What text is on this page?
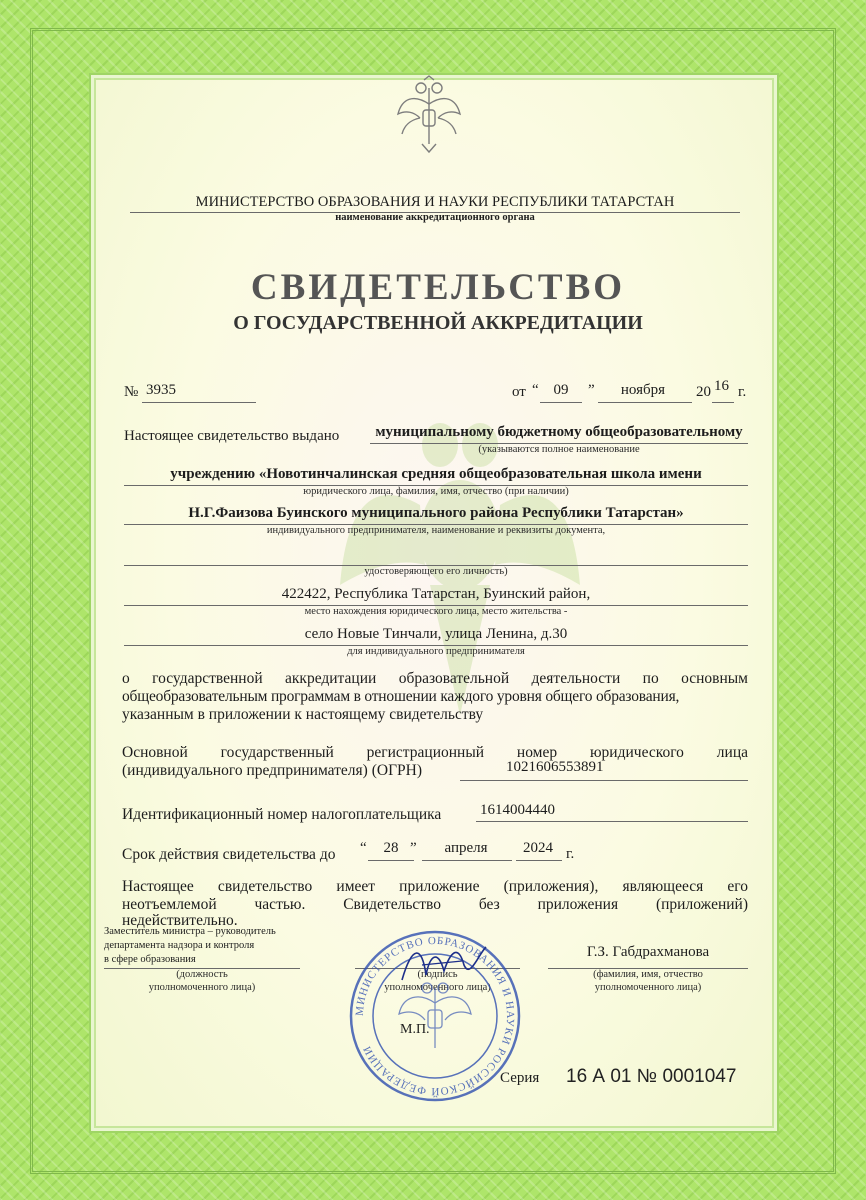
МИНИСТЕРСТВО ОБРАЗОВАНИЯ И НАУКИ РЕСПУБЛИКИ ТАТАРСТАН
наименование аккредитационного органа
СВИДЕТЕЛЬСТВО
О ГОСУДАРСТВЕННОЙ АККРЕДИТАЦИИ
№ 3935	от “ 09	”	ноября	20 16 г.
Настоящее свидетельство выдано	муниципальному бюджетному общеобразовательному
(указываются полное наименование
учреждению «Новотинчалинская средняя общеобразовательная школа имени
юридического лица, фамилия, имя, отчество (при наличии)
Н.Г.Фаизова Буинского муниципального района Республики Татарстан»
индивидуального предпринимателя, наименование и реквизиты документа,
удостоверяющего его личность)
422422, Республика Татарстан, Буинский район,
место нахождения юридического лица, место жительства -
село Новые Тинчали, улица Ленина, д.30
для индивидуального предпринимателя
о государственной аккредитации образовательной деятельности по основным
общеобразовательным программам в отношении каждого уровня общего образования,
указанным в приложении к настоящему свидетельству
Основной государственный регистрационный номер юридического лица
(индивидуального предпринимателя) (ОГРН)	1021606553891
Идентификационный номер налогоплательщика	1614004440
Срок действия свидетельства до “	28 ”	апреля	2024 г.
Настоящее свидетельство имеет приложение (приложения), являющееся его
неотъемлемой частью. Свидетельство без приложения (приложений)
недействительно.
Заместитель министра – руководитель
департамента надзора и контроля
в сфере образования
(должность
уполномоченного лица)
(подпись
уполномоченного лица)
Г.З. Габдрахманова
(фамилия, имя, отчество
уполномоченного лица)
МИНИСТЕРСТВО ОБРАЗОВАНИЯ И НАУКИ РОССИЙСКОЙ ФЕДЕРАЦИИ
М.П.
Серия 16 А 01 № 0001047
